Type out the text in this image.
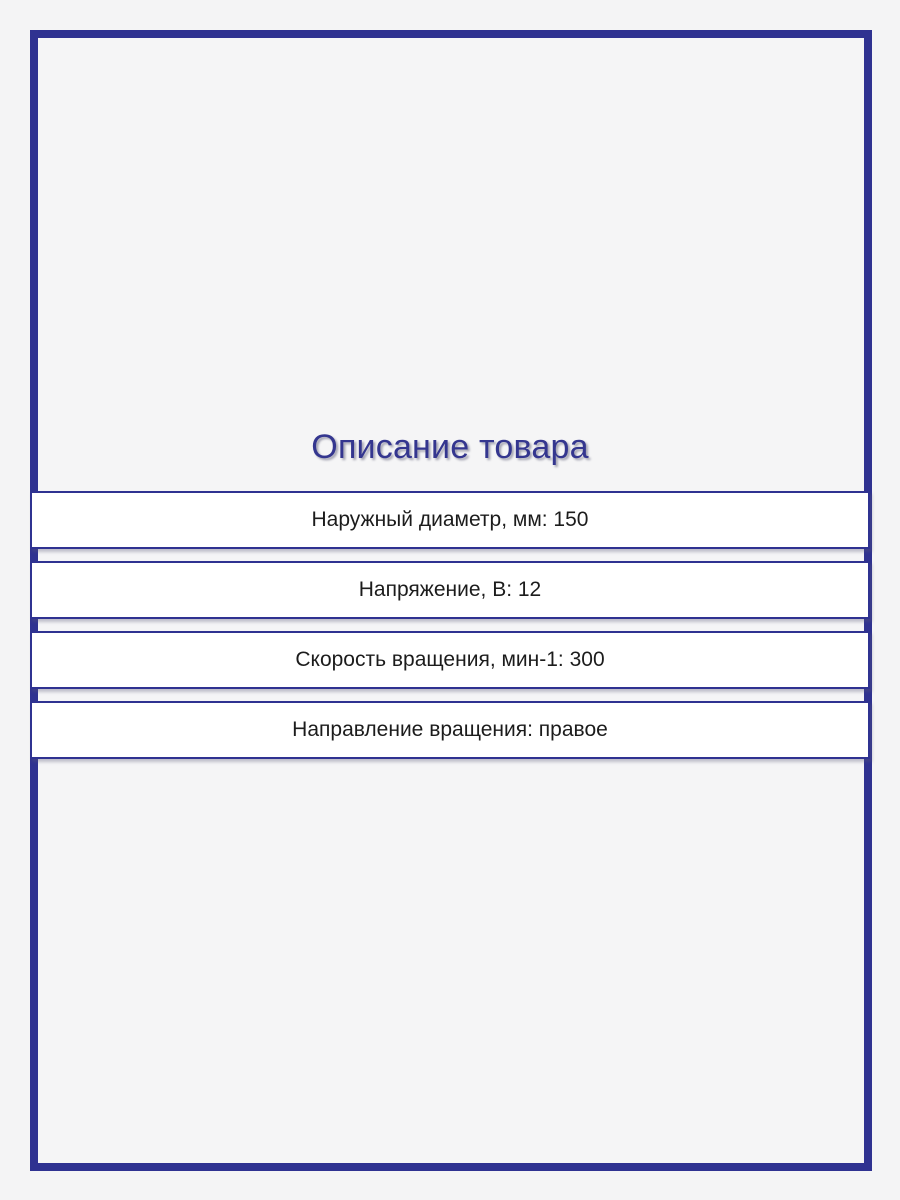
Описание товара
Наружный диаметр, мм: 150
Напряжение, В: 12
Скорость вращения, мин-1: 300
Направление вращения: правое
